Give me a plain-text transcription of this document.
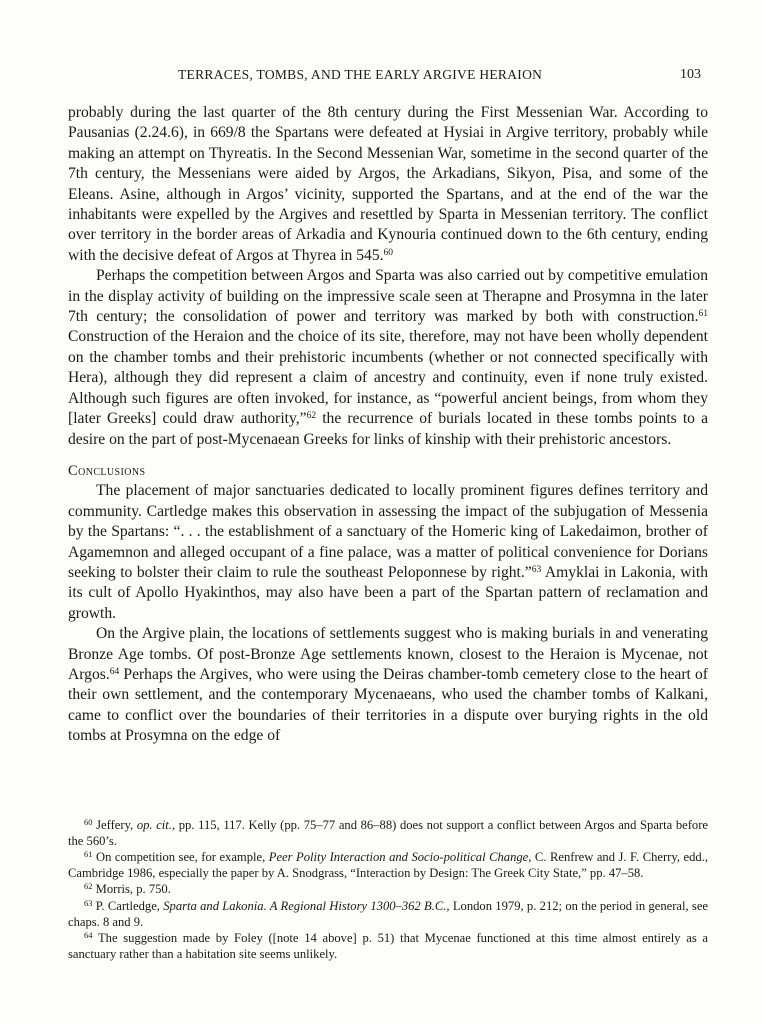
TERRACES, TOMBS, AND THE EARLY ARGIVE HERAION	103

probably during the last quarter of the 8th century during the First Messenian War. According to Pausanias (2.24.6), in 669/8 the Spartans were defeated at Hysiai in Argive territory, probably while making an attempt on Thyreatis. In the Second Messenian War, sometime in the second quarter of the 7th century, the Messenians were aided by Argos, the Arkadians, Sikyon, Pisa, and some of the Eleans. Asine, although in Argos’ vicinity, supported the Spartans, and at the end of the war the inhabitants were expelled by the Argives and resettled by Sparta in Messenian territory. The conflict over territory in the border areas of Arkadia and Kynouria continued down to the 6th century, ending with the decisive defeat of Argos at Thyrea in 545.60

Perhaps the competition between Argos and Sparta was also carried out by competitive emulation in the display activity of building on the impressive scale seen at Therapne and Prosymna in the later 7th century; the consolidation of power and territory was marked by both with construction.$^{61}$ Construction of the Heraion and the choice of its site, therefore, may not have been wholly dependent on the chamber tombs and their prehistoric incumbents (whether or not connected specifically with Hera), although they did represent a claim of ancestry and continuity, even if none truly existed. Although such figures are often invoked, for instance, as “powerful ancient beings, from whom they [later Greeks] could draw authority,”$^{62}$ the recurrence of burials located in these tombs points to a desire on the part of post-Mycenaean Greeks for links of kinship with their prehistoric ancestors.

Conclusions

The placement of major sanctuaries dedicated to locally prominent figures defines territory and community. Cartledge makes this observation in assessing the impact of the subjugation of Messenia by the Spartans: “. . . the establishment of a sanctuary of the Homeric king of Lakedaimon, brother of Agamemnon and alleged occupant of a fine palace, was a matter of political convenience for Dorians seeking to bolster their claim to rule the southeast Peloponnese by right.”$^{63}$ Amyklai in Lakonia, with its cult of Apollo Hyakinthos, may also have been a part of the Spartan pattern of reclamation and growth.

On the Argive plain, the locations of settlements suggest who is making burials in and venerating Bronze Age tombs. Of post-Bronze Age settlements known, closest to the Heraion is Mycenae, not Argos.$^{64}$ Perhaps the Argives, who were using the Deiras chamber-tomb cemetery close to the heart of their own settlement, and the contemporary Mycenaeans, who used the chamber tombs of Kalkani, came to conflict over the boundaries of their territories in a dispute over burying rights in the old tombs at Prosymna on the edge of

$^{60}$ Jeffery, op. cit., pp. 115, 117. Kelly (pp. 75–77 and 86–88) does not support a conflict between Argos and Sparta before the 560’s.

$^{61}$ On competition see, for example, Peer Polity Interaction and Socio-political Change, C. Renfrew and J. F. Cherry, edd., Cambridge 1986, especially the paper by A. Snodgrass, “Interaction by Design: The Greek City State,” pp. 47–58.

$^{62}$ Morris, p. 750.

$^{63}$ P. Cartledge, Sparta and Lakonia. A Regional History 1300–362 B.C., London 1979, p. 212; on the period in general, see chaps. 8 and 9.

$^{64}$ The suggestion made by Foley ([note 14 above] p. 51) that Mycenae functioned at this time almost entirely as a sanctuary rather than a habitation site seems unlikely.
